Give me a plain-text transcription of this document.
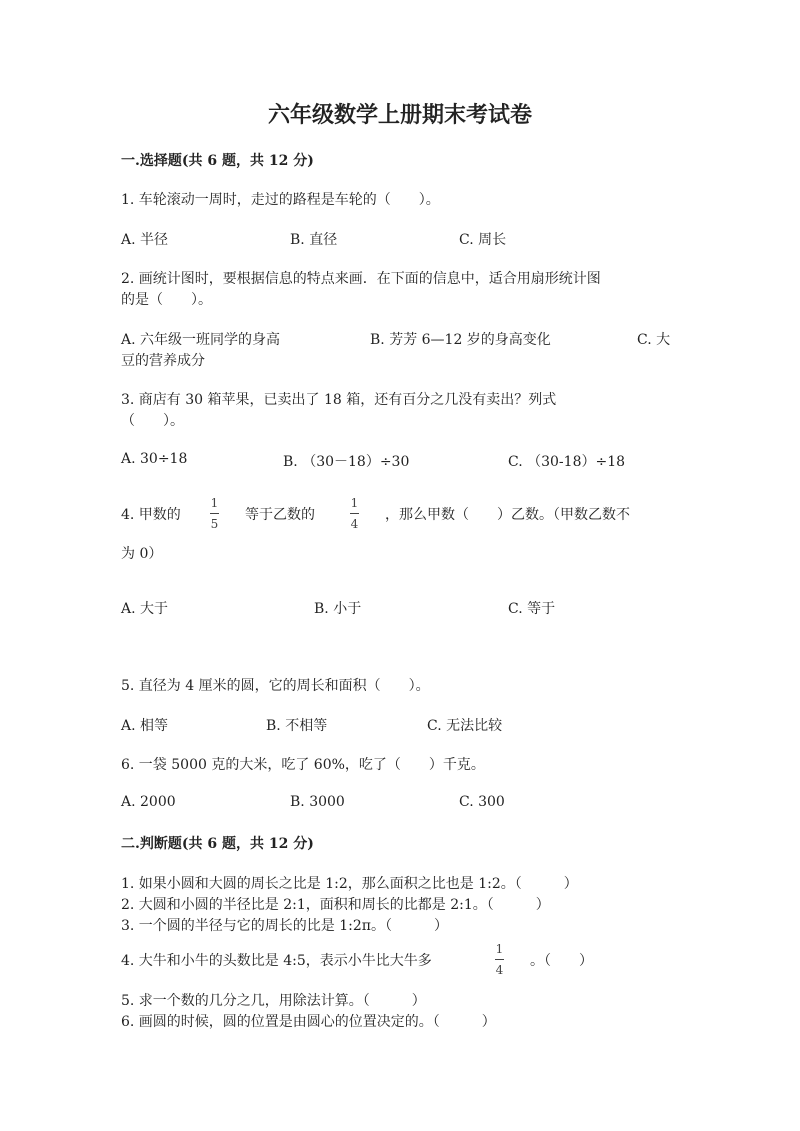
六年级数学上册期末考试卷
一.选择题(共 6 题，共 12 分)
1. 车轮滚动一周时，走过的路程是车轮的（　　）。
A. 半径	B. 直径	C. 周长
2. 画统计图时，要根据信息的特点来画．在下面的信息中，适合用扇形统计图
的是（　　）。
A. 六年级一班同学的身高	B. 芳芳 6—12 岁的身高变化	C. 大
豆的营养成分
3. 商店有 30 箱苹果，已卖出了 18 箱，还有百分之几没有卖出？列式
（　　）。
A. 30÷18	B. （30－18）÷30	C. （30-18）÷18
4. 甲数的
1
5
等于乙数的
1
4
，那么甲数（　　）乙数。（甲数乙数不
为 0）
A. 大于	B. 小于	C. 等于
5. 直径为 4 厘米的圆，它的周长和面积（　　）。
A. 相等	B. 不相等	C. 无法比较
6. 一袋 5000 克的大米，吃了 60%，吃了（　　）千克。
A. 2000	B. 3000	C. 300
二.判断题(共 6 题，共 12 分)
1. 如果小圆和大圆的周长之比是 1:2，那么面积之比也是 1:2。（　　　）
2. 大圆和小圆的半径比是 2:1，面积和周长的比都是 2:1。（　　　）
3. 一个圆的半径与它的周长的比是 1:2π。（　　　）
4. 大牛和小牛的头数比是 4:5，表示小牛比大牛多
1
4
。（　　）
5. 求一个数的几分之几，用除法计算。（　　　）
6. 画圆的时候，圆的位置是由圆心的位置决定的。（　　　）
